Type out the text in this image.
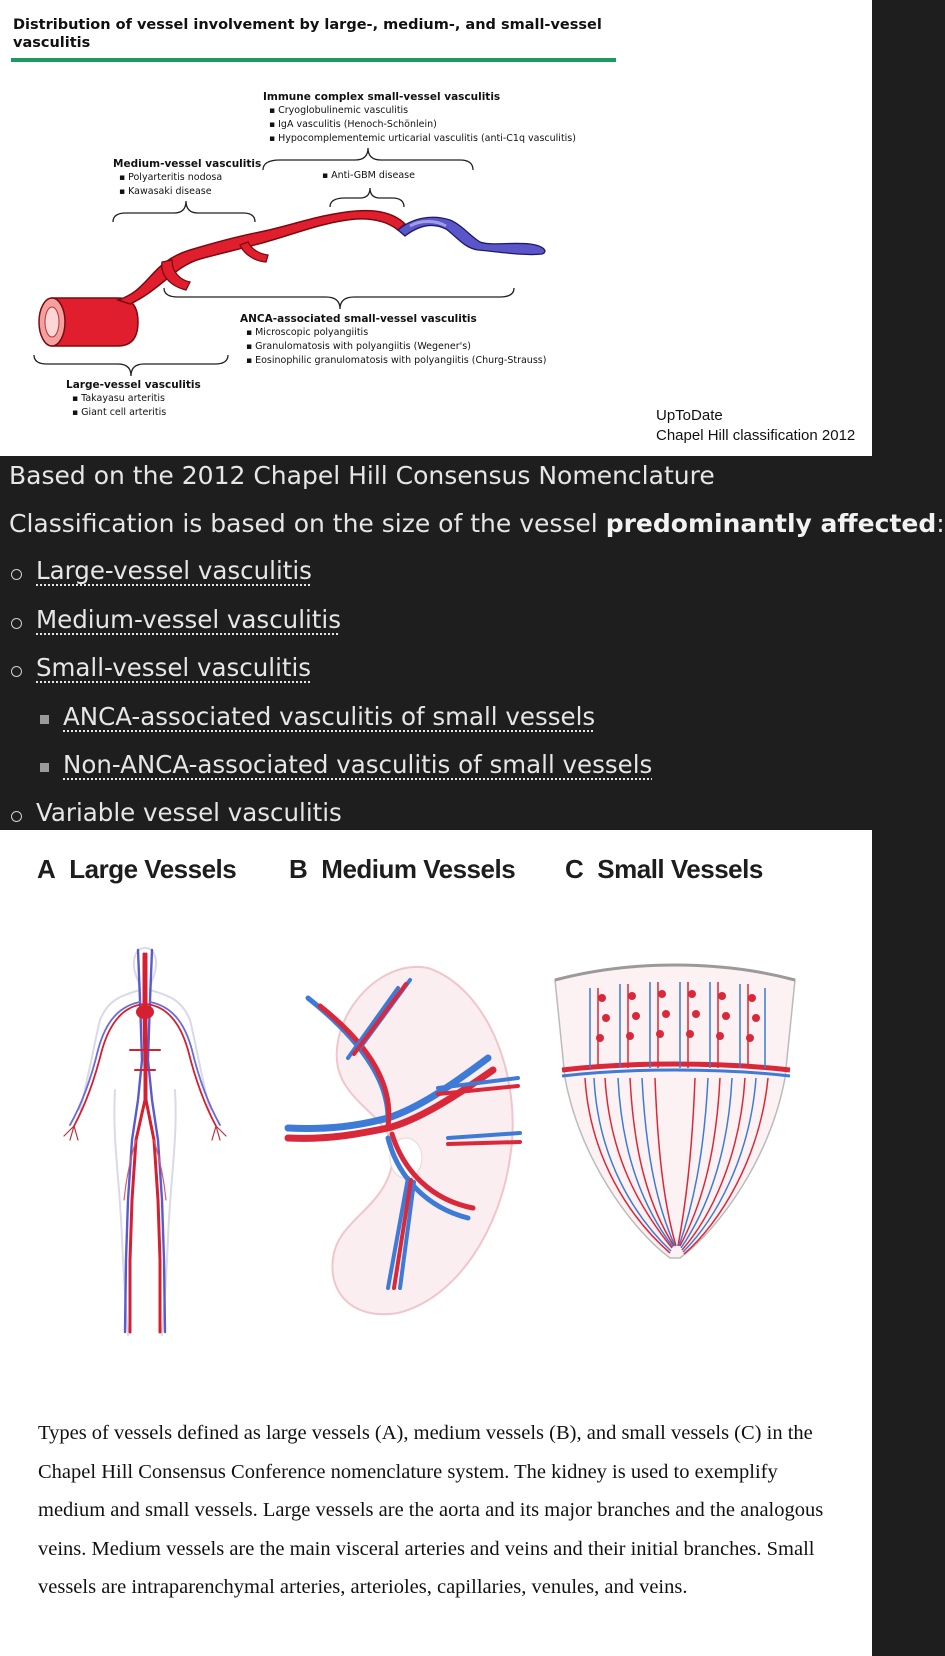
Distribution of vessel involvement by large-, medium-, and small-vessel vasculitis
Immune complex small-vessel vasculitis
▪ Cryoglobulinemic vasculitis
▪ IgA vasculitis (Henoch-Schönlein)
▪ Hypocomplementemic urticarial vasculitis (anti-C1q vasculitis)
▪ Anti-GBM disease
Medium-vessel vasculitis
▪ Polyarteritis nodosa
▪ Kawasaki disease
ANCA-associated small-vessel vasculitis
▪ Microscopic polyangiitis
▪ Granulomatosis with polyangiitis (Wegener's)
▪ Eosinophilic granulomatosis with polyangiitis (Churg-Strauss)
Large-vessel vasculitis
▪ Takayasu arteritis
▪ Giant cell arteritis	UpToDate
Chapel Hill classification 2012
Based on the 2012 Chapel Hill Consensus Nomenclature
Classification is based on the size of the vessel predominantly affected:
Large-vessel vasculitis
Medium-vessel vasculitis
Small-vessel vasculitis
ANCA-associated vasculitis of small vessels
Non-ANCA-associated vasculitis of small vessels
Variable vessel vasculitis
A Large Vessels B Medium Vessels C Small Vessels
Types of vessels defined as large vessels (A), medium vessels (B), and small vessels (C) in the Chapel Hill Consensus Conference nomenclature system. The kidney is used to exemplify medium and small vessels. Large vessels are the aorta and its major branches and the analogous veins. Medium vessels are the main visceral arteries and veins and their initial branches. Small vessels are intraparenchymal arteries, arterioles, capillaries, venules, and veins.
